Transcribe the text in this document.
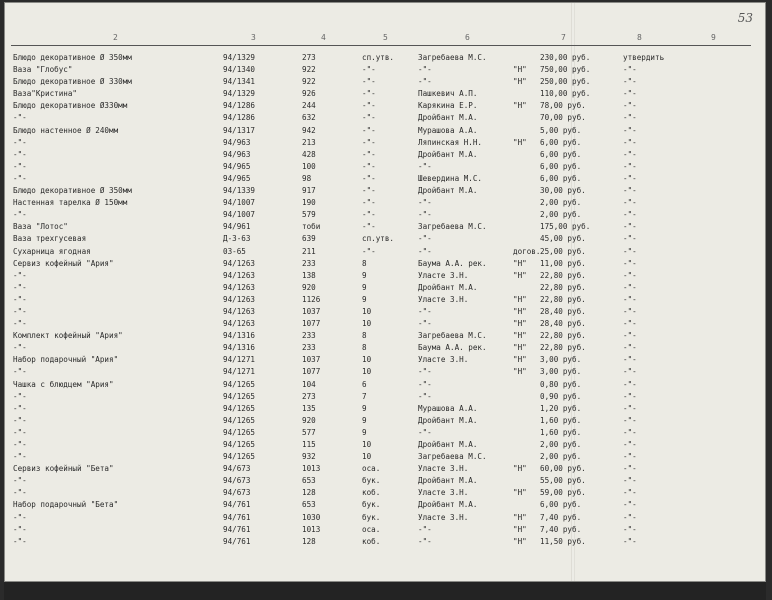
53
2	3	4	5	6	7	8	9
Блюдо декоративное Ø 350мм	94/1329	273	сп.утв.	Загребаева М.С.	230,00 руб.	утвердить
Ваза "Глобус"	94/1340	922	-"-	-"-	"Н" 750,00 руб.	-"-
Блюдо декоративное Ø 330мм	94/1341	922	-"-	-"-	"Н" 250,00 руб.	-"-
Ваза"Кристина"	94/1329	926	-"-	Пашкевич А.П.	110,00 руб.	-"-
Блюдо декоративное Ø330мм	94/1286	244	-"-	Карякина Е.Р.	"Н" 78,00 руб.	-"-
-"-	94/1286	632	-"-	Дройбант М.А.	70,00 руб.	-"-
Блюдо настенное Ø 240мм	94/1317	942	-"-	Мурашова А.А.	5,00 руб.	-"-
-"-	94/963	213	-"-	Ляпинская Н.Н.	"Н" 6,00 руб.	-"-
-"-	94/963	428	-"-	Дройбант М.А.	6,00 руб.	-"-
-"-	94/965	100	-"-	-"-	6,00 руб.	-"-
-"-	94/965	98	-"-	Шевердина М.С.	6,00 руб.	-"-
Блюдо декоративное Ø 350мм	94/1339	917	-"-	Дройбант М.А.	30,00 руб.	-"-
Настенная тарелка Ø 150мм	94/1007	190	-"-	-"-	2,00 руб.	-"-
-"-	94/1007	579	-"-	-"-	2,00 руб.	-"-
Ваза "Лотос"	94/961	тоби	-"-	Загребаева М.С.	175,00 руб.	-"-
Ваза трехгусевая	Д-3-63	639	сп.утв.	-"-	45,00 руб.	-"-
Сухарница ягодная	03-65	211	-"-	-"-	догов. 25,00 руб.	-"-
Сервиз кофейный "Ария"	94/1263	233	8	Баума А.А. рек.	"Н" 11,00 руб.	-"-
-"-	94/1263	138	9	Уласте З.Н.	"Н" 22,80 руб.	-"-
-"-	94/1263	920	9	Дройбант М.А.	22,80 руб.	-"-
-"-	94/1263	1126	9	Уласте З.Н.	"Н" 22,80 руб.	-"-
-"-	94/1263	1037	10	-"-	"Н" 28,40 руб.	-"-
-"-	94/1263	1077	10	-"-	"Н" 28,40 руб.	-"-
Комплект кофейный "Ария"	94/1316	233	8	Загребаева М.С.	"Н" 22,80 руб.	-"-
-"-	94/1316	233	8	Баума А.А. рек.	"Н" 22,80 руб.	-"-
Набор подарочный "Ария"	94/1271	1037	10	Уласте З.Н.	"Н" 3,00 руб.	-"-
-"-	94/1271	1077	10	-"-	"Н" 3,00 руб.	-"-
Чашка с блюдцем "Ария"	94/1265	104	6	-"-	0,80 руб.	-"-
-"-	94/1265	273	7	-"-	0,90 руб.	-"-
-"-	94/1265	135	9	Мурашова А.А.	1,20 руб.	-"-
-"-	94/1265	920	9	Дройбант М.А.	1,60 руб.	-"-
-"-	94/1265	577	9	-"-	1,60 руб.	-"-
-"-	94/1265	115	10	Дройбант М.А.	2,00 руб.	-"-
-"-	94/1265	932	10	Загребаева М.С.	2,00 руб.	-"-
Сервиз кофейный "Бета"	94/673	1013	оса.	Уласте З.Н.	"Н" 60,00 руб.	-"-
-"-	94/673	653	бук.	Дройбант М.А.	55,00 руб.	-"-
-"-	94/673	128	коб.	Уласте З.Н.	"Н" 59,00 руб.	-"-
Набор подарочный "Бета"	94/761	653	бук.	Дройбант М.А.	6,00 руб.	-"-
-"-	94/761	1030	бук.	Уласте З.Н.	"Н" 7,40 руб.	-"-
-"-	94/761	1013	оса.	-"-	"Н" 7,40 руб.	-"-
-"-	94/761	128	коб.	-"-	"Н" 11,50 руб.	-"-
